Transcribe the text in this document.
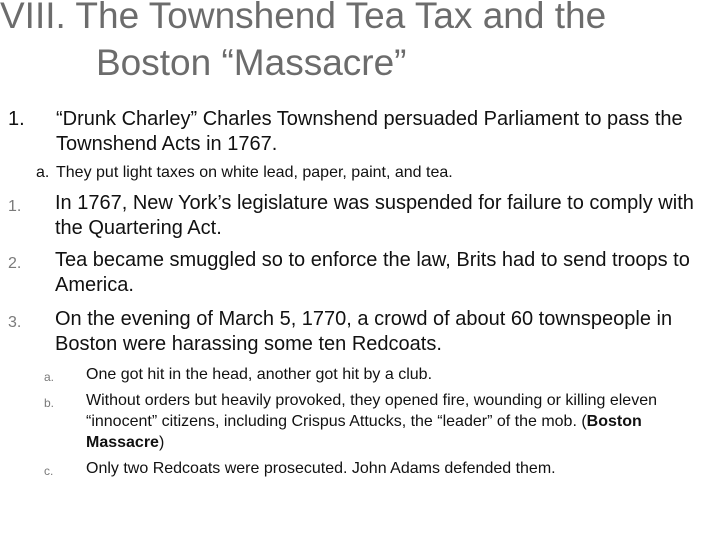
VIII. The Townshend Tea Tax and the
Boston “Massacre”
1. “Drunk Charley” Charles Townshend persuaded Parliament to pass the Townshend Acts in 1767.
a. They put light taxes on white lead, paper, paint, and tea.
1. In 1767, New York’s legislature was suspended for failure to comply with the Quartering Act.
2. Tea became smuggled so to enforce the law, Brits had to send troops to America.
3. On the evening of March 5, 1770, a crowd of about 60 townspeople in Boston were harassing some ten Redcoats.
a. One got hit in the head, another got hit by a club.
b. Without orders but heavily provoked, they opened fire, wounding or killing eleven “innocent” citizens, including Crispus Attucks, the “leader” of the mob. (Boston Massacre)
c. Only two Redcoats were prosecuted. John Adams defended them.
